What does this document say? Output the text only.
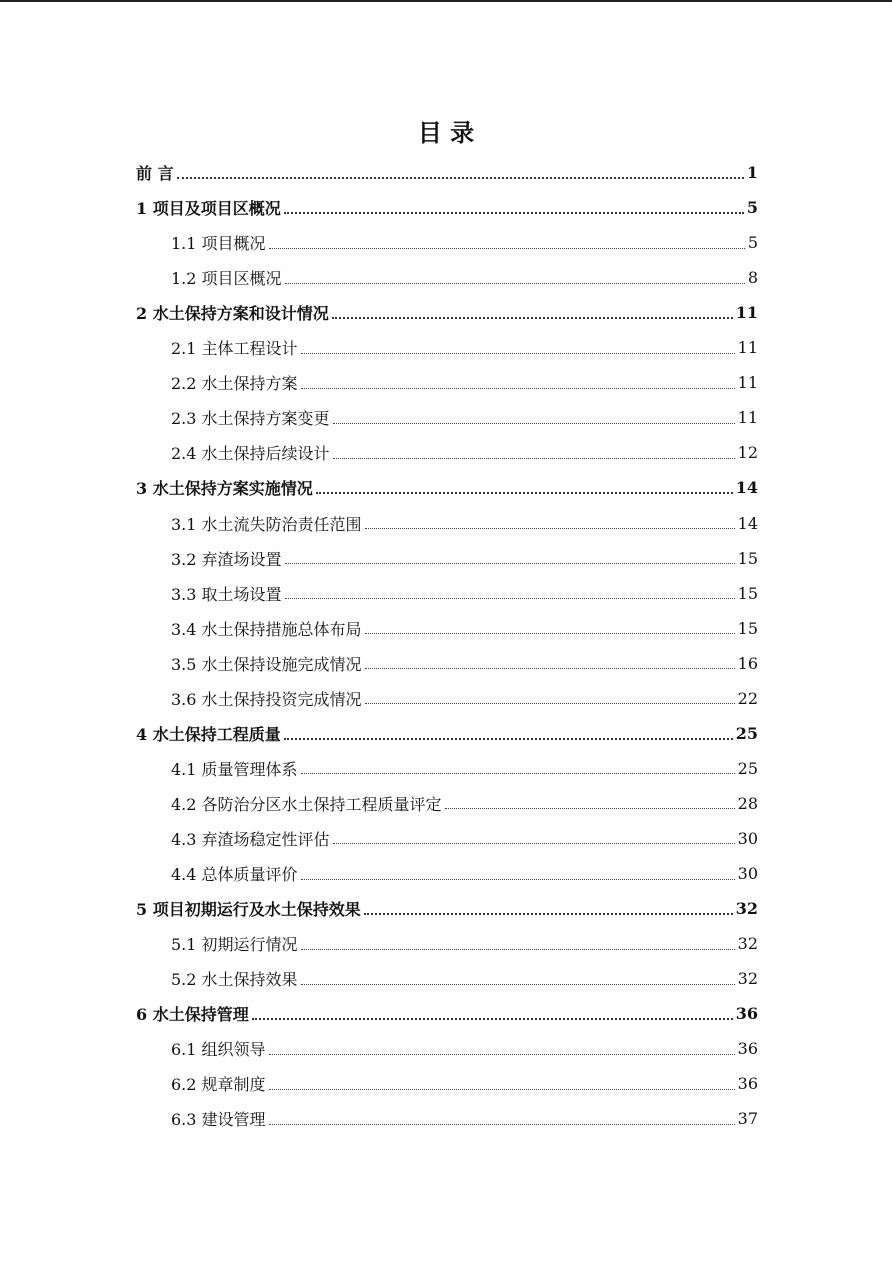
目 录
前 言	1
1 项目及项目区概况	5
1.1 项目概况	5
1.2 项目区概况	8
2 水土保持方案和设计情况	11
2.1 主体工程设计	11
2.2 水土保持方案	11
2.3 水土保持方案变更	11
2.4 水土保持后续设计	12
3 水土保持方案实施情况	14
3.1 水土流失防治责任范围	14
3.2 弃渣场设置	15
3.3 取土场设置	15
3.4 水土保持措施总体布局	15
3.5 水土保持设施完成情况	16
3.6 水土保持投资完成情况	22
4 水土保持工程质量	25
4.1 质量管理体系	25
4.2 各防治分区水土保持工程质量评定	28
4.3 弃渣场稳定性评估	30
4.4 总体质量评价	30
5 项目初期运行及水土保持效果	32
5.1 初期运行情况	32
5.2 水土保持效果	32
6 水土保持管理	36
6.1 组织领导	36
6.2 规章制度	36
6.3 建设管理	37
